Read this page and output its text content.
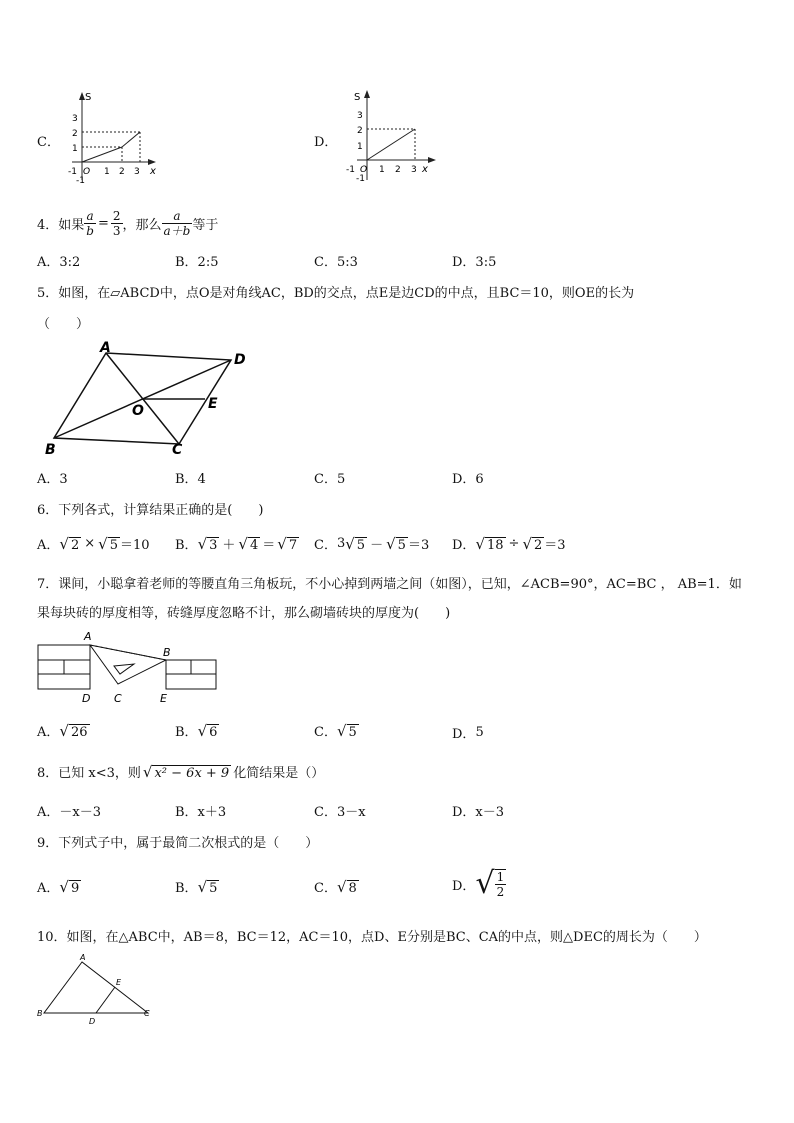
C．
S
x
1
2
3
1 2 3
-1 O
-1
D．
S
x
1
2
3
1 2 3
-1 O
-1
4．如果 $\frac{a}{b} = \frac{2}{3}$ ，那么 $\frac{a}{a+b}$ 等于
A．3:2	B．2:5	C．5:3	D．3:5
5．如图，在▱ABCD中，点O是对角线AC，BD的交点，点E是边CD的中点，且BC＝10，则OE的长为
（　　）
A
D
B	C
O	E
A．3	B．4	C．5	D．6
6．下列各式，计算结果正确的是(　　)
A． √ 2 × √ 5 ＝10 B． √ 3 ＋ √ 4 ＝ √ 7 C． 3 √ 5 － √ 5 ＝3 D． √ 18 ÷ √ 2 ＝3
7．课间，小聪拿着老师的等腰直角三角板玩，不小心掉到两墙之间（如图），已知，∠ACB=90°，AC=BC ， AB=1．如
果每块砖的厚度相等，砖缝厚度忽略不计，那么砌墙砖块的厚度为(　　)
A
B
D C	E
A． √ 26	B． √ 6	C． √ 5	D． 5
8．已知 x<3，则 √ x² − 6x + 9 化简结果是（）
A．－x－3	B．x＋3	C．3－x	D．x－3
9．下列式子中，属于最简二次根式的是（　　）
A． √ 9	B． √ 5	C． √ 8	D． √ $\frac{1}{2}$
10．如图，在△ABC中，AB＝8，BC＝12，AC＝10，点D、E分别是BC、CA的中点，则△DEC的周长为（　　）
A
B	C
D
E
